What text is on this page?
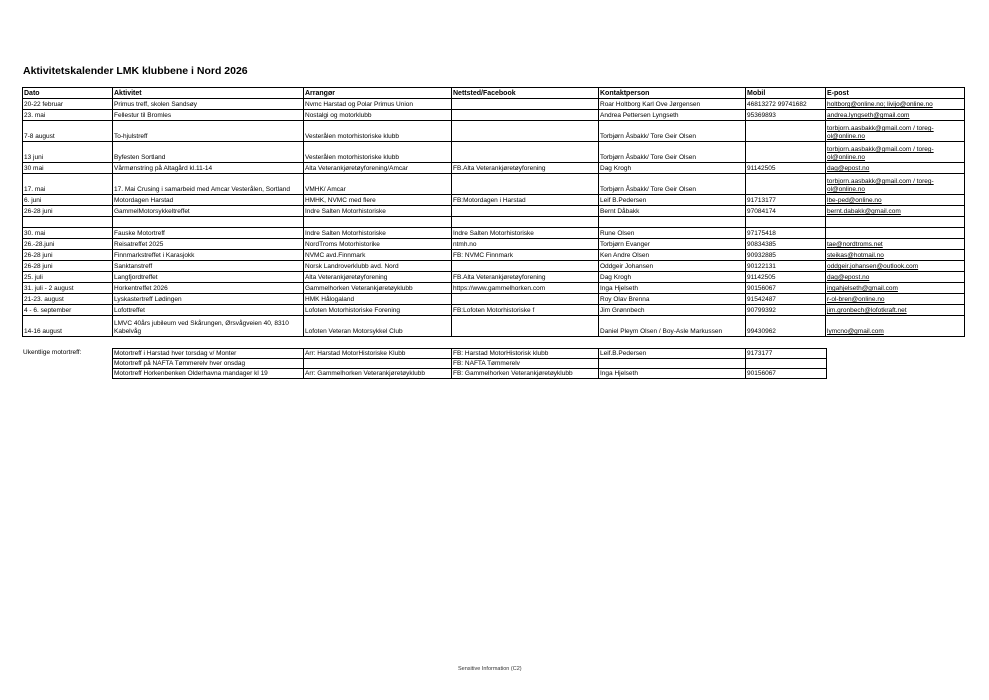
Aktivitetskalender LMK klubbene i Nord 2026
Dato	Aktivitet	Arrangør	Nettsted/Facebook	Kontaktperson	Mobil	E-post
20-22 februar	Primus treff, skolen Sandsøy	Nvmc Harstad og Polar Primus Union		Roar Holtborg Karl Ove Jørgensen	46813272 99741682	holtborg@online.no; livijo@online.no
23. mai	Fellestur til Bromles	Nostalgi og motorklubb		Andrea Pettersen Lyngseth	95369893	andrea.lyngseth@gmail.com
7-8 august	To-hjulstreff	Vesterålen motorhistoriske klubb		Torbjørn Åsbakk/ Tore Geir Olsen		torbjorn.aasbakk@gmail.com / toreg-ol@online.no
13 juni	Byfesten Sortland	Vesterålen motorhistoriske klubb		Torbjørn Åsbakk/ Tore Geir Olsen		torbjorn.aasbakk@gmail.com / toreg-ol@online.no
30 mai	Vårmønstring på Altagård kl.11-14	Alta Veterankjøretøyforening/Amcar	FB.Alta Veterankjøretøyforening	Dag Krogh	91142505	dag@epost.no
17. mai	17. Mai Crusing i samarbeid med Amcar Vesterålen, Sortland	VMHK/ Amcar		Torbjørn Åsbakk/ Tore Geir Olsen		torbjorn.aasbakk@gmail.com / toreg-ol@online.no
6. juni	Motordagen Harstad	HMHK, NVMC med flere	FB:Motordagen i Harstad	Leif B.Pedersen	91713177	lbe-ped@online.no
26-28 juni	GammelMotorsykkeltreffet	Indre Salten Motorhistoriske		Bernt Dåbakk	97084174	bernt.dabakk@gmail.com

30. mai	Fauske Motortreff	Indre Salten Motorhistoriske	Indre Salten Motorhistoriske	Rune Olsen	97175418	
26.-28.juni	Reisatreffet 2025	NordTroms Motorhistorike	ntmh.no	Torbjørn Evanger	90834385	tae@nordtroms.net
26-28 juni	Finnmarkstreffet i Karasjokk	NVMC avd.Finnmark	FB: NVMC Finnmark	Ken Andre Olsen	90932885	steikas@hotmail.no
26-28 juni	Sanktanstreff	Norsk Landroverklubb avd. Nord		Oddgeir Johansen	90122131	oddgeir.johansen@outlook.com
25. juli	Langfjordtreffet	Alta Veterankjøretøyforening	FB.Alta Veterankjøretøyforening	Dag Krogh	91142505	dag@epost.no
31. juli - 2 august	Horkentreffet 2026	Gammelhorken Veterankjøretøyklubb	https://www.gammelhorken.com	Inga Hjelseth	90156067	ingahjelseth@gmail.com
21-23. august	Lyskastertreff Lødingen	HMK Hålogaland		Roy Olav Brenna	91542487	r-ol-bren@online.no
4 - 6. september	Lofottreffet	Lofoten Motorhistoriske Forening	FB:Lofoten Motorhistoriske f	Jim Grønnbech	90799392	jim.gronbech@lofotkraft.net
14-16 august	LMVC 40års jubileum ved Skårungen, Ørsvågveien 40, 8310 Kabelvåg	Lofoten Veteran Motorsykkel Club		Daniel Pleym Olsen / Boy-Asle Markussen	99430962	lymcno@gmail.com
Ukentlige motortreff:	Motortreff i Harstad hver torsdag v/ Monter	Arr: Harstad MotorHistoriske Klubb	FB: Harstad MotorHistorisk klubb	Leif.B.Pedersen	9173177
Motortreff på NAFTA Tømmerelv hver onsdag		FB: NAFTA Tømmerelv		
Motortreff Horkenbenken Olderhavna mandager kl 19	Arr: Gammelhorken Veterankjøretøyklubb	FB: Gammelhorken Veterankjøretøyklubb	Inga Hjelseth	90156067
Sensitive Information (C2)
